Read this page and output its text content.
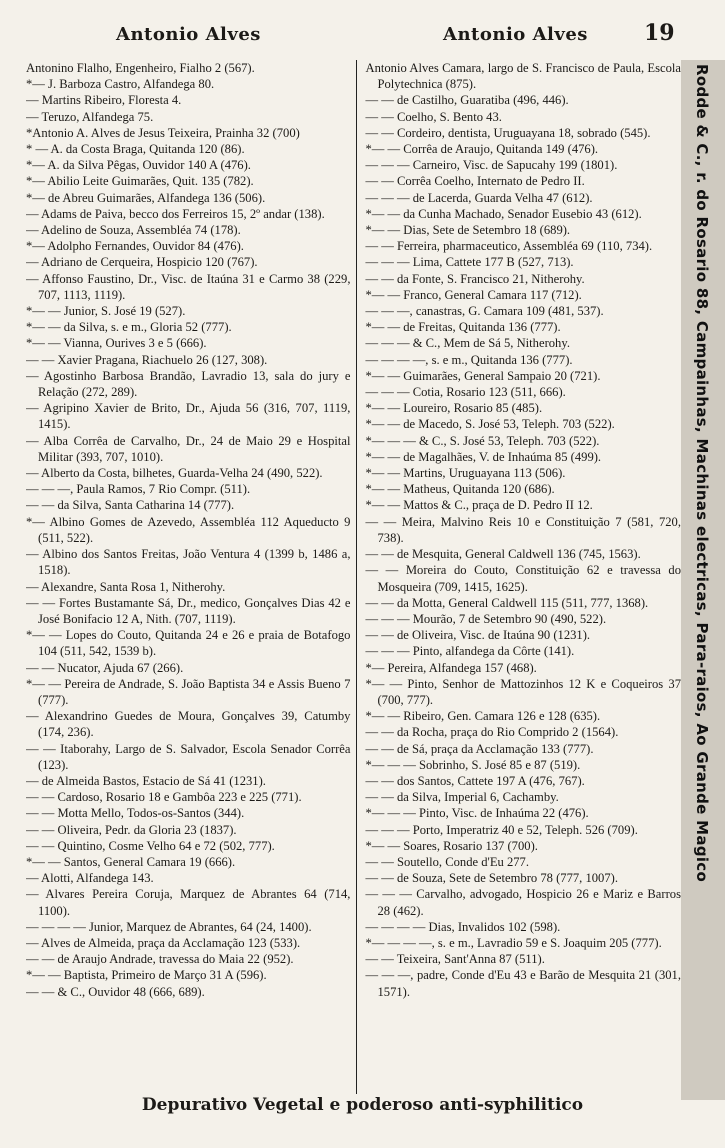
Antonio Alves	Antonio Alves	19

Antonino Flalho, Engenheiro, Fialho 2 (567).

*— J. Barboza Castro, Alfandega 80.

— Martins Ribeiro, Floresta 4.

— Teruzo, Alfandega 75.

*Antonio A. Alves de Jesus Teixeira, Prainha 32 (700)

* — A. da Costa Braga, Quitanda 120 (86).

*— A. da Silva Pêgas, Ouvidor 140 A (476).

*— Abilio Leite Guimarães, Quit. 135 (782).

*— de Abreu Guimarães, Alfandega 136 (506).

— Adams de Paiva, becco dos Ferreiros 15, 2º andar (138).

— Adelino de Souza, Assembléa 74 (178).

*— Adolpho Fernandes, Ouvidor 84 (476).

— Adriano de Cerqueira, Hospicio 120 (767).

— Affonso Faustino, Dr., Visc. de Itaúna 31 e Carmo 38 (229, 707, 1113, 1119).

*— — Junior, S. José 19 (527).

*— — da Silva, s. e m., Gloria 52 (777).

*— — Vianna, Ourives 3 e 5 (666).

— — Xavier Pragana, Riachuelo 26 (127, 308).

— Agostinho Barbosa Brandão, Lavradio 13, sala do jury e Relação (272, 289).

— Agripino Xavier de Brito, Dr., Ajuda 56 (316, 707, 1119, 1415).

— Alba Corrêa de Carvalho, Dr., 24 de Maio 29 e Hospital Militar (393, 707, 1010).

— Alberto da Costa, bilhetes, Guarda-Velha 24 (490, 522).

— — —, Paula Ramos, 7 Rio Compr. (511).

— — da Silva, Santa Catharina 14 (777).

*— Albino Gomes de Azevedo, Assembléa 112 Aqueducto 9 (511, 522).

— Albino dos Santos Freitas, João Ventura 4 (1399 b, 1486 a, 1518).

— Alexandre, Santa Rosa 1, Nitherohy.

— — Fortes Bustamante Sá, Dr., medico, Gonçalves Dias 42 e José Bonifacio 12 A, Nith. (707, 1119).

*— — Lopes do Couto, Quitanda 24 e 26 e praia de Botafogo 104 (511, 542, 1539 b).

— — Nucator, Ajuda 67 (266).

*— — Pereira de Andrade, S. João Baptista 34 e Assis Bueno 7 (777).

— Alexandrino Guedes de Moura, Gonçalves 39, Catumby (174, 236).

— — Itaborahy, Largo de S. Salvador, Escola Senador Corrêa (123).

— de Almeida Bastos, Estacio de Sá 41 (1231).

— — Cardoso, Rosario 18 e Gambôa 223 e 225 (771).

— — Motta Mello, Todos-os-Santos (344).

— — Oliveira, Pedr. da Gloria 23 (1837).

— — Quintino, Cosme Velho 64 e 72 (502, 777).

*— — Santos, General Camara 19 (666).

— Alotti, Alfandega 143.

— Alvares Pereira Coruja, Marquez de Abrantes 64 (714, 1100).

— — — — Junior, Marquez de Abrantes, 64 (24, 1400).

— Alves de Almeida, praça da Acclamação 123 (533).

— — de Araujo Andrade, travessa do Maia 22 (952).

*— — Baptista, Primeiro de Março 31 A (596).

— — & C., Ouvidor 48 (666, 689).

Antonio Alves Camara, largo de S. Francisco de Paula, Escola Polytechnica (875).

— — de Castilho, Guaratiba (496, 446).

— — Coelho, S. Bento 43.

— — Cordeiro, dentista, Uruguayana 18, sobrado (545).

*— — Corrêa de Araujo, Quitanda 149 (476).

— — — Carneiro, Visc. de Sapucahy 199 (1801).

— — Corrêa Coelho, Internato de Pedro II.

— — — de Lacerda, Guarda Velha 47 (612).

*— — da Cunha Machado, Senador Eusebio 43 (612).

*— — Dias, Sete de Setembro 18 (689).

— — Ferreira, pharmaceutico, Assembléa 69 (110, 734).

— — — Lima, Cattete 177 B (527, 713).

— — da Fonte, S. Francisco 21, Nitherohy.

*— — Franco, General Camara 117 (712).

— — —, canastras, G. Camara 109 (481, 537).

*— — de Freitas, Quitanda 136 (777).

— — — & C., Mem de Sá 5, Nitherohy.

— — — —, s. e m., Quitanda 136 (777).

*— — Guimarães, General Sampaio 20 (721).

— — — Cotia, Rosario 123 (511, 666).

*— — Loureiro, Rosario 85 (485).

*— — de Macedo, S. José 53, Teleph. 703 (522).

*— — — & C., S. José 53, Teleph. 703 (522).

*— — de Magalhães, V. de Inhaúma 85 (499).

*— — Martins, Uruguayana 113 (506).

*— — Matheus, Quitanda 120 (686).

*— — Mattos & C., praça de D. Pedro II 12.

— — Meira, Malvino Reis 10 e Constituição 7 (581, 720, 738).

— — de Mesquita, General Caldwell 136 (745, 1563).

— — Moreira do Couto, Constituição 62 e travessa do Mosqueira (709, 1415, 1625).

— — da Motta, General Caldwell 115 (511, 777, 1368).

— — — Mourão, 7 de Setembro 90 (490, 522).

— — de Oliveira, Visc. de Itaúna 90 (1231).

— — — Pinto, alfandega da Côrte (141).

*— Pereira, Alfandega 157 (468).

*— — Pinto, Senhor de Mattozinhos 12 K e Coqueiros 37 (700, 777).

*— — Ribeiro, Gen. Camara 126 e 128 (635).

— — da Rocha, praça do Rio Comprido 2 (1564).

— — de Sá, praça da Acclamação 133 (777).

*— — — Sobrinho, S. José 85 e 87 (519).

— — dos Santos, Cattete 197 A (476, 767).

— — da Silva, Imperial 6, Cachamby.

*— — — Pinto, Visc. de Inhaúma 22 (476).

— — — Porto, Imperatriz 40 e 52, Teleph. 526 (709).

*— — Soares, Rosario 137 (700).

— — Soutello, Conde d'Eu 277.

— — de Souza, Sete de Setembro 78 (777, 1007).

— — — Carvalho, advogado, Hospicio 26 e Mariz e Barros 28 (462).

— — — — Dias, Invalidos 102 (598).

*— — — —, s. e m., Lavradio 59 e S. Joaquim 205 (777).

— — Teixeira, Sant'Anna 87 (511).

— — —, padre, Conde d'Eu 43 e Barão de Mesquita 21 (301, 1571).

Rodde & C., r. do Rosario 88, Campainhas, Machinas electricas, Para-raios, Ao Grande Magico
Depurativo Vegetal e poderoso anti-syphilitico
